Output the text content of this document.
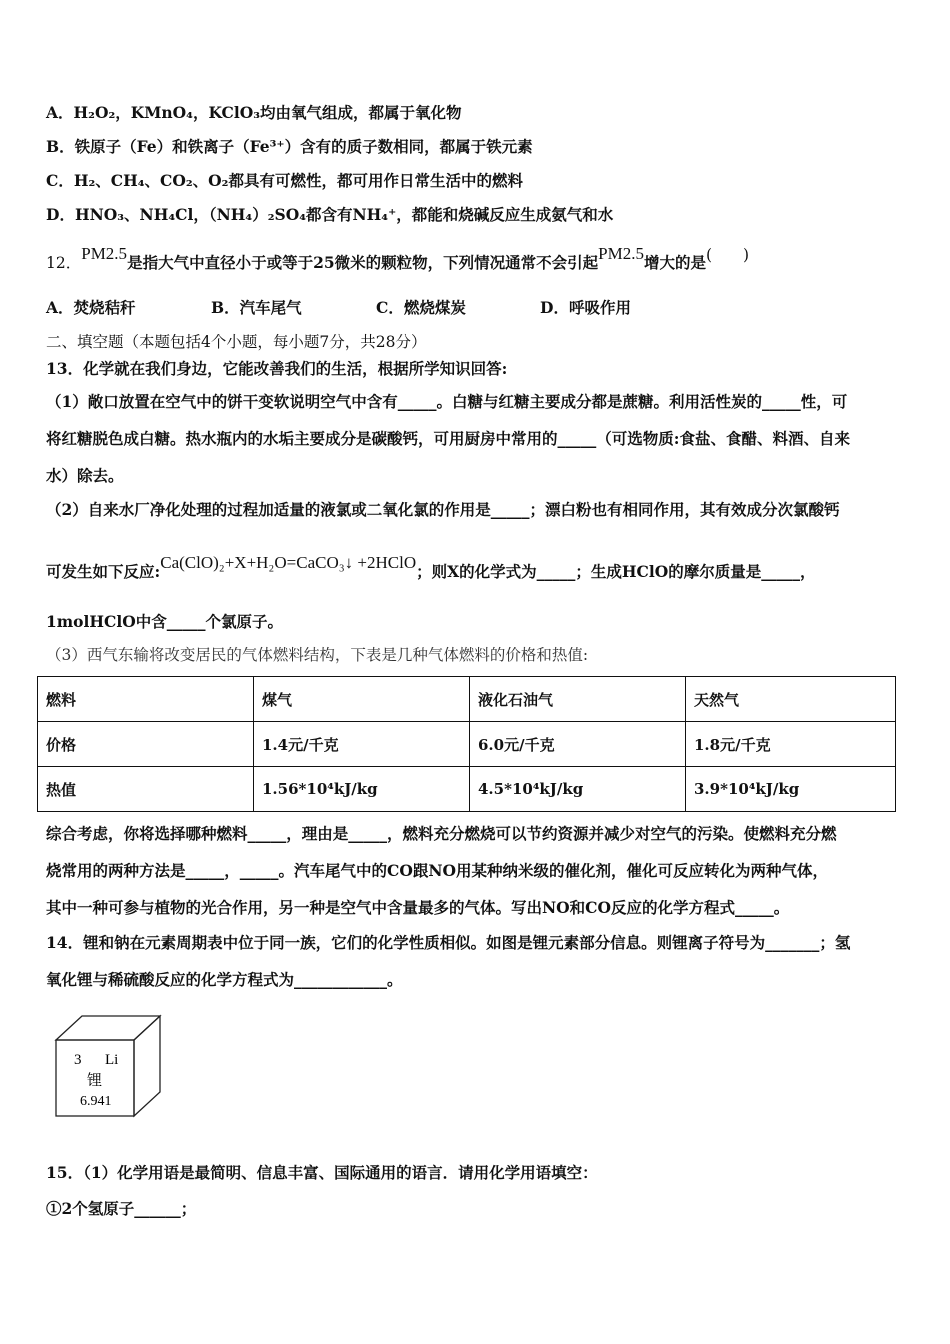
A．H₂O₂，KMnO₄，KClO₃均由氧气组成，都属于氧化物
B．铁原子（Fe）和铁离子（Fe³⁺）含有的质子数相同，都属于铁元素
C．H₂、CH₄、CO₂、O₂都具有可燃性，都可用作日常生活中的燃料
D．HNO₃、NH₄Cl，（NH₄）₂SO₄都含有NH₄⁺，都能和烧碱反应生成氨气和水
12．PM2.5是指大气中直径小于或等于25微米的颗粒物，下列情况通常不会引起PM2.5增大的是(　　)
A．焚烧秸秆	B．汽车尾气	C．燃烧煤炭	D．呼吸作用
二、填空题（本题包括4个小题，每小题7分，共28分）
13．化学就在我们身边，它能改善我们的生活，根据所学知识回答:
（1）敞口放置在空气中的饼干变软说明空气中含有_____。白糖与红糖主要成分都是蔗糖。利用活性炭的_____性，可
将红糖脱色成白糖。热水瓶内的水垢主要成分是碳酸钙，可用厨房中常用的_____（可选物质:食盐、食醋、料酒、自来
水）除去。
（2）自来水厂净化处理的过程加适量的液氯或二氧化氯的作用是_____；漂白粉也有相同作用，其有效成分次氯酸钙
可发生如下反应:Ca(ClO)₂+X+H₂O=CaCO₃↓ +2HClO；则X的化学式为_____；生成HClO的摩尔质量是_____，
1molHClO中含_____个氯原子。
（3）西气东输将改变居民的气体燃料结构，下表是几种气体燃料的价格和热值:
燃料	煤气	液化石油气	天然气
价格	1.4元/千克	6.0元/千克	1.8元/千克
热值	1.56*10⁴kJ/kg	4.5*10⁴kJ/kg	3.9*10⁴kJ/kg
综合考虑，你将选择哪种燃料_____，理由是_____，燃料充分燃烧可以节约资源并减少对空气的污染。使燃料充分燃
烧常用的两种方法是_____，_____。汽车尾气中的CO跟NO用某种纳米级的催化剂，催化可反应转化为两种气体，
其中一种可参与植物的光合作用，另一种是空气中含量最多的气体。写出NO和CO反应的化学方程式_____。
14．锂和钠在元素周期表中位于同一族，它们的化学性质相似。如图是锂元素部分信息。则锂离子符号为_______；氢
氧化锂与稀硫酸反应的化学方程式为____________。
3 Li
锂
6.941
15．（1）化学用语是最简明、信息丰富、国际通用的语言．请用化学用语填空：
①2个氢原子______；
